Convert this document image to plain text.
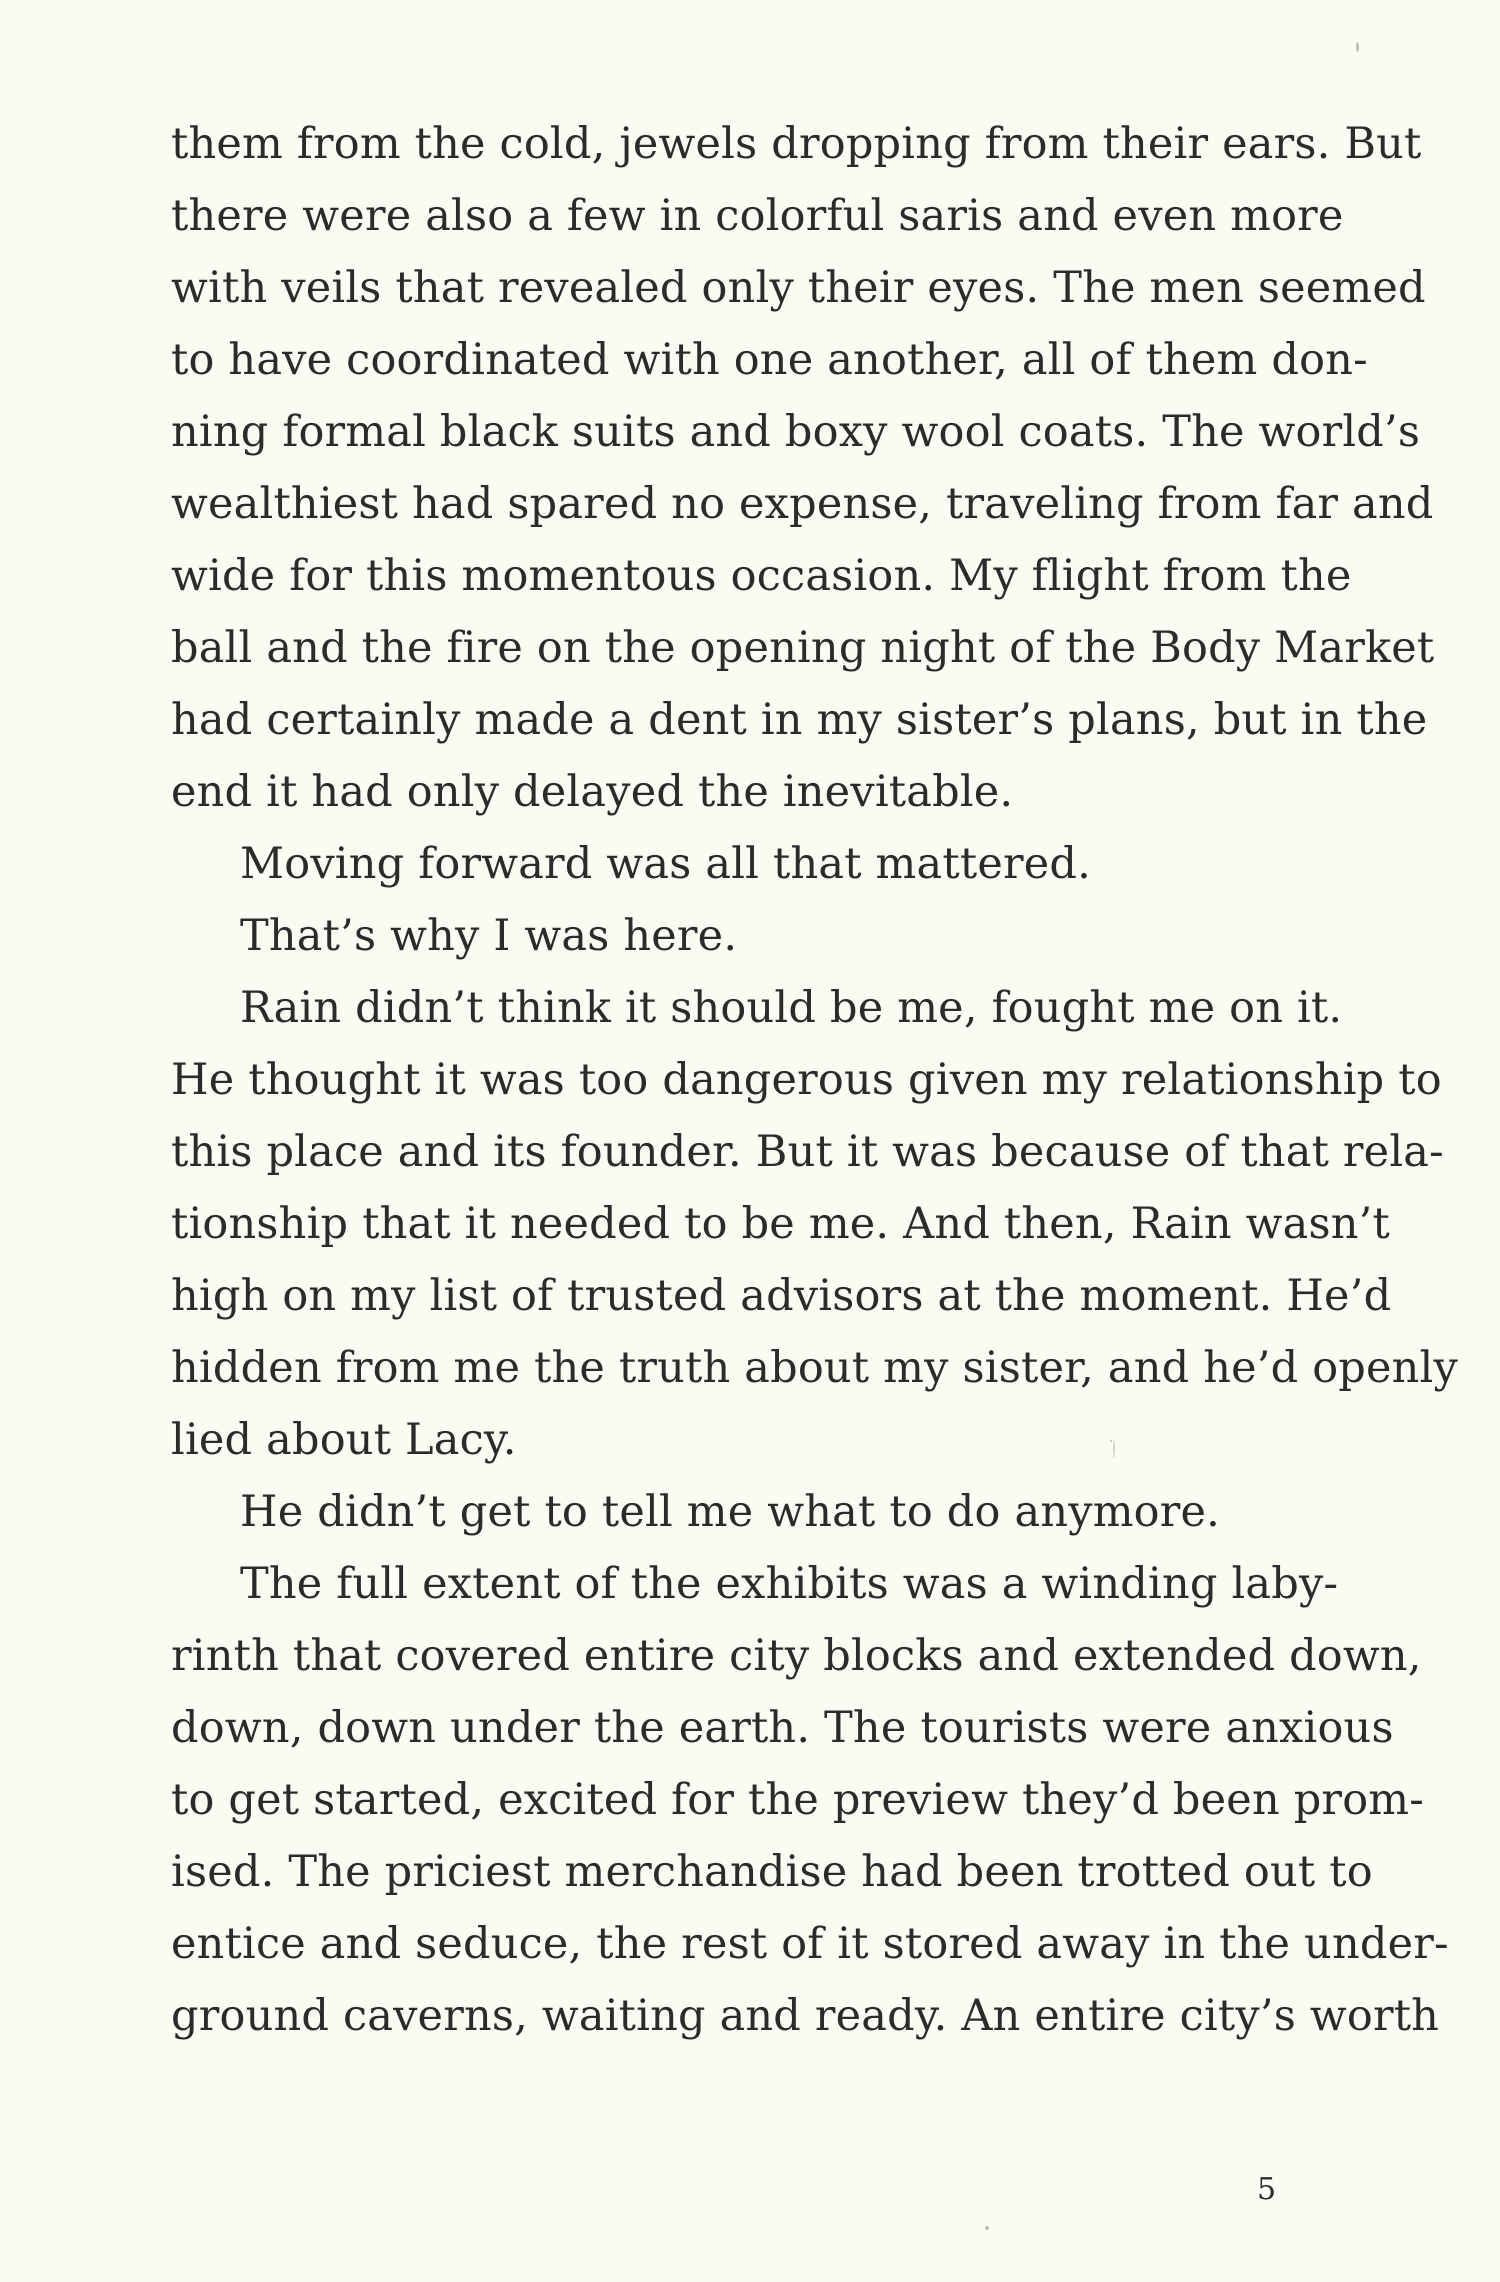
them from the cold, jewels dropping from their ears. But
there were also a few in colorful saris and even more
with veils that revealed only their eyes. The men seemed
to have coordinated with one another, all of them don-
ning formal black suits and boxy wool coats. The world’s
wealthiest had spared no expense, traveling from far and
wide for this momentous occasion. My flight from the
ball and the fire on the opening night of the Body Market
had certainly made a dent in my sister’s plans, but in the
end it had only delayed the inevitable.
Moving forward was all that mattered.
That’s why I was here.
Rain didn’t think it should be me, fought me on it.
He thought it was too dangerous given my relationship to
this place and its founder. But it was because of that rela-
tionship that it needed to be me. And then, Rain wasn’t
high on my list of trusted advisors at the moment. He’d
hidden from me the truth about my sister, and he’d openly
lied about Lacy.
He didn’t get to tell me what to do anymore.
The full extent of the exhibits was a winding laby-
rinth that covered entire city blocks and extended down,
down, down under the earth. The tourists were anxious
to get started, excited for the preview they’d been prom-
ised. The priciest merchandise had been trotted out to
entice and seduce, the rest of it stored away in the under-
ground caverns, waiting and ready. An entire city’s worth
5
